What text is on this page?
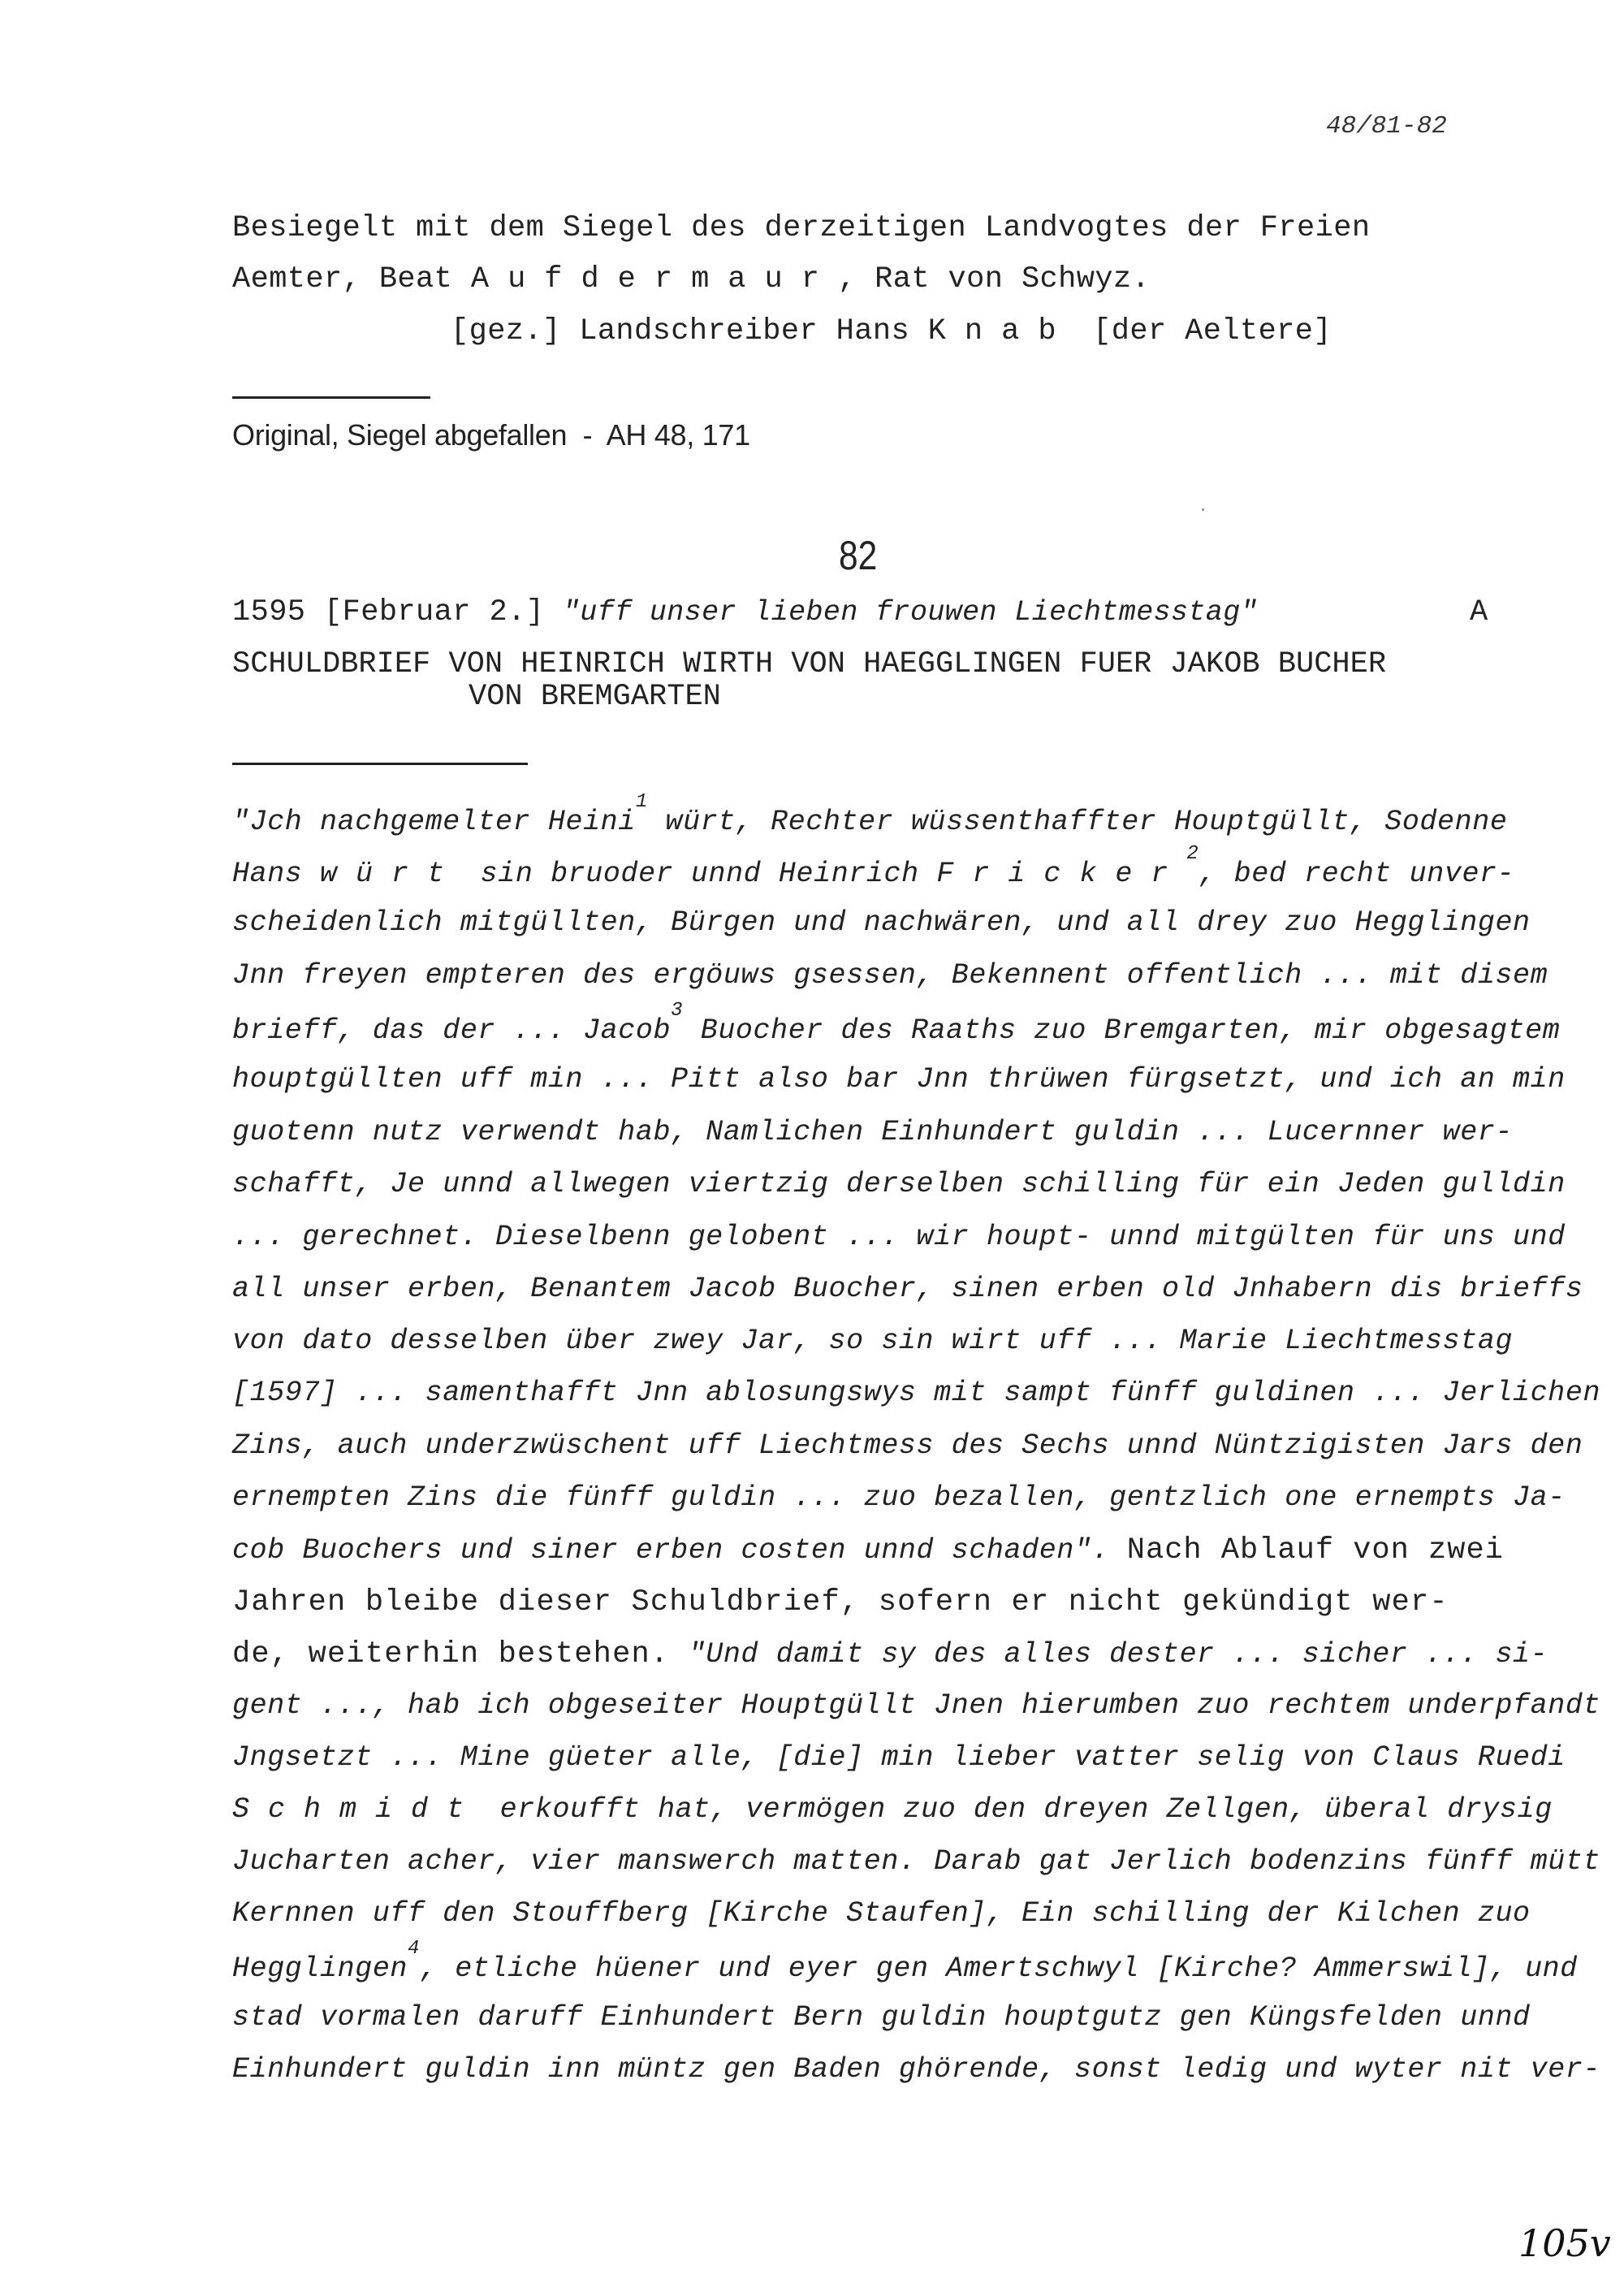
48/81-82
Besiegelt mit dem Siegel des derzeitigen Landvogtes der Freien
Aemter, Beat Aufdermaur, Rat von Schwyz.
[gez.] Landschreiber Hans Knab [der Aeltere]
Original, Siegel abgefallen  -  AH 48, 171
82
1595 [Februar 2.] "uff unser lieben frouwen Liechtmesstag"	A
SCHULDBRIEF VON HEINRICH WIRTH VON HAEGGLINGEN FUER JAKOB BUCHER
VON BREMGARTEN
"Jch nachgemelter Heini$^1$ würt, Rechter wüssenthaffter Houptgüllt, Sodenne
Hans würt sin bruoder unnd Heinrich Fricker$^2$, bed recht unver-
scheidenlich mitgüllten, Bürgen und nachwären, und all drey zuo Hegglingen
Jnn freyen empteren des ergöuws gsessen, Bekennent offentlich ... mit disem
brieff, das der ... Jacob$^3$ Buocher des Raaths zuo Bremgarten, mir obgesagtem
houptgüllten uff min ... Pitt also bar Jnn thrüwen fürgsetzt, und ich an min
guotenn nutz verwendt hab, Namlichen Einhundert guldin ... Lucernner wer-
schafft, Je unnd allwegen viertzig derselben schilling für ein Jeden gulldin
... gerechnet. Dieselbenn gelobent ... wir houpt- unnd mitgülten für uns und
all unser erben, Benantem Jacob Buocher, sinen erben old Jnhabern dis brieffs
von dato desselben über zwey Jar, so sin wirt uff ... Marie Liechtmesstag
[1597] ... samenthafft Jnn ablosungswys mit sampt fünff guldinen ... Jerlichen
Zins, auch underzwüschent uff Liechtmess des Sechs unnd Nüntzigisten Jars den
ernempten Zins die fünff guldin ... zuo bezallen, gentzlich one ernempts Ja-
cob Buochers und siner erben costen unnd schaden". Nach Ablauf von zwei
Jahren bleibe dieser Schuldbrief, sofern er nicht gekündigt wer-
de, weiterhin bestehen. "Und damit sy des alles dester ... sicher ... si-
gent ..., hab ich obgeseiter Houptgüllt Jnen hierumben zuo rechtem underpfandt
Jngsetzt ... Mine güeter alle, [die] min lieber vatter selig von Claus Ruedi
Schmidt erkoufft hat, vermögen zuo den dreyen Zellgen, überal drysig
Jucharten acher, vier manswerch matten. Darab gat Jerlich bodenzins fünff mütt
Kernnen uff den Stouffberg [Kirche Staufen], Ein schilling der Kilchen zuo
Hegglingen$^4$, etliche hüener und eyer gen Amertschwyl [Kirche? Ammerswil], und
stad vormalen daruff Einhundert Bern guldin houptgutz gen Küngsfelden unnd
Einhundert guldin inn müntz gen Baden ghörende, sonst ledig und wyter nit ver-
105v
